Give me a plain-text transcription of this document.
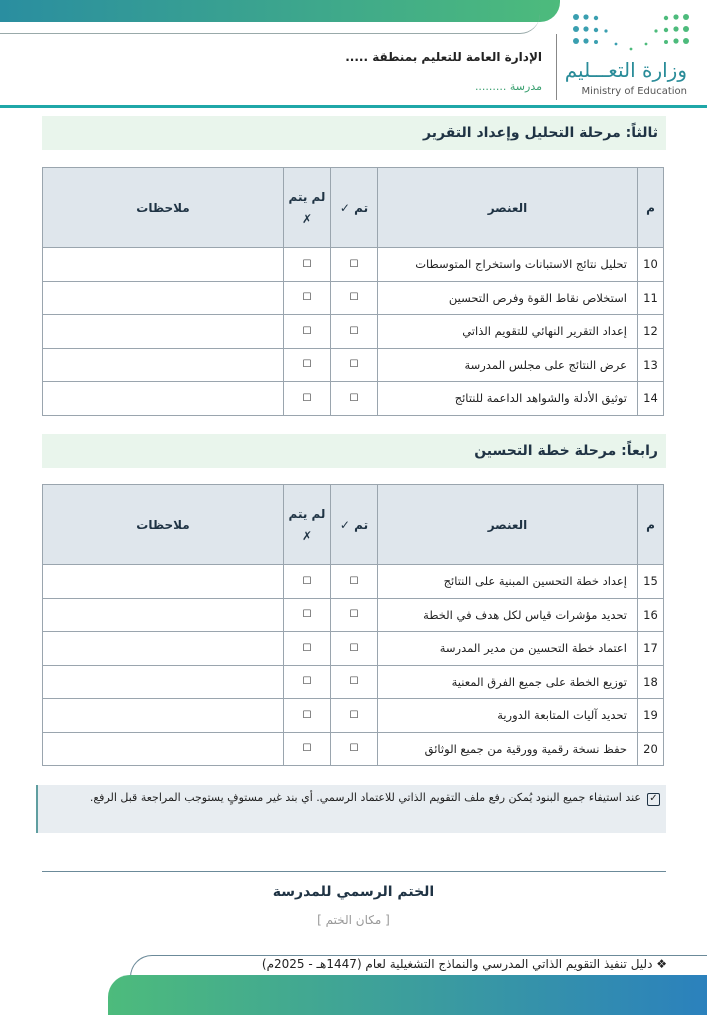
وزارة التعـــليم
Ministry of Education
الإدارة العامة للتعليم بمنطقة .....
مدرسة .........
ثالثاً: مرحلة التحليل وإعداد التقرير
م	العنصر	تم ✓	لم يتم ✗	ملاحظات
10	تحليل نتائج الاستبانات واستخراج المتوسطات	☐	☐	
11	استخلاص نقاط القوة وفرص التحسين	☐	☐	
12	إعداد التقرير النهائي للتقويم الذاتي	☐	☐	
13	عرض النتائج على مجلس المدرسة	☐	☐	
14	توثيق الأدلة والشواهد الداعمة للنتائج	☐	☐	
رابعاً: مرحلة خطة التحسين
م	العنصر	تم ✓	لم يتم ✗	ملاحظات
15	إعداد خطة التحسين المبنية على النتائج	☐	☐	
16	تحديد مؤشرات قياس لكل هدف في الخطة	☐	☐	
17	اعتماد خطة التحسين من مدير المدرسة	☐	☐	
18	توزيع الخطة على جميع الفرق المعنية	☐	☐	
19	تحديد آليات المتابعة الدورية	☐	☐	
20	حفظ نسخة رقمية وورقية من جميع الوثائق	☐	☐	
✓عند استيفاء جميع البنود يُمكن رفع ملف التقويم الذاتي للاعتماد الرسمي. أي بند غير مستوفٍ يستوجب المراجعة قبل الرفع.
الختم الرسمي للمدرسة
[ مكان الختم ]
❖ دليل تنفيذ التقويم الذاتي المدرسي والنماذج التشغيلية لعام (1447هـ - 2025م)
